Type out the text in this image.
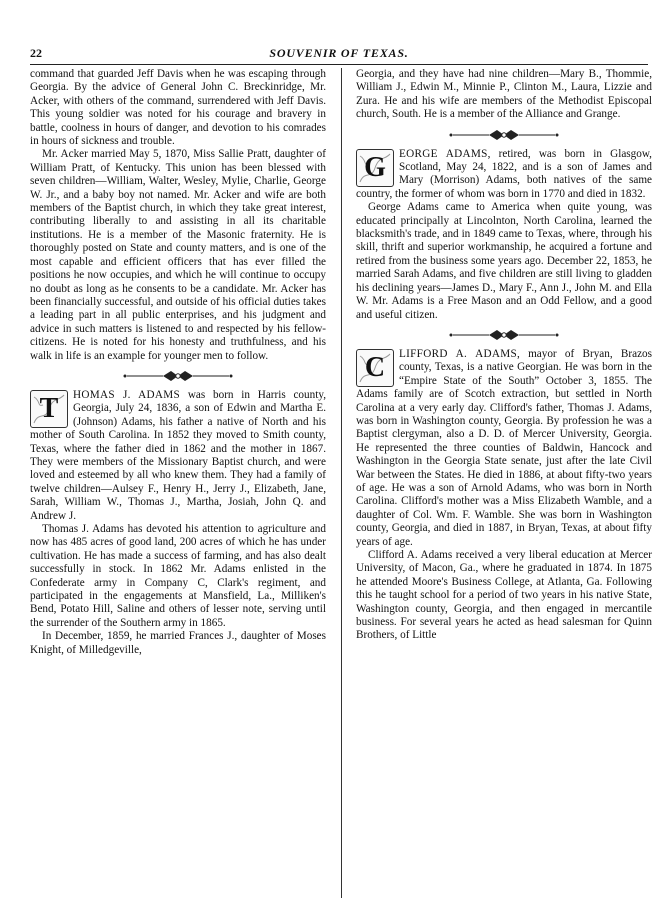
22	SOUVENIR OF TEXAS.

command that guarded Jeff Davis when he was escaping through Georgia. By the advice of General John C. Breckinridge, Mr. Acker, with others of the command, surrendered with Jeff Davis. This young soldier was noted for his courage and bravery in battle, coolness in hours of danger, and devotion to his comrades in hours of sickness and trouble.

Mr. Acker married May 5, 1870, Miss Sallie Pratt, daughter of William Pratt, of Kentucky. This union has been blessed with seven children—William, Walter, Wesley, Mylie, Charlie, George W. Jr., and a baby boy not named. Mr. Acker and wife are both members of the Baptist church, in which they take great interest, contributing liberally to and assisting in all its charitable institutions. He is a member of the Masonic fraternity. He is thoroughly posted on State and county matters, and is one of the most capable and efficient officers that has ever filled the positions he now occupies, and which he will continue to occupy no doubt as long as he consents to be a candidate. Mr. Acker has been financially successful, and outside of his official duties takes a leading part in all public enterprises, and his judgment and advice in such matters is listened to and respected by his fellow-citizens. He is noted for his honesty and truthfulness, and his walk in life is an example for younger men to follow.

T	HOMAS J. ADAMS was born in Harris county, Georgia, July 24, 1836, a son of Edwin and Martha E. (Johnson) Adams, his father a native of North and his mother of South Carolina. In 1852 they moved to Smith county, Texas, where the father died in 1862 and the mother in 1867. They were members of the Missionary Baptist church, and were loved and esteemed by all who knew them. They had a family of twelve children—Aulsey F., Henry H., Jerry J., Elizabeth, Jane, Sarah, William W., Thomas J., Martha, Josiah, John Q. and Andrew J.

Thomas J. Adams has devoted his attention to agriculture and now has 485 acres of good land, 200 acres of which he has under cultivation. He has made a success of farming, and has also dealt successfully in stock. In 1862 Mr. Adams enlisted in the Confederate army in Company C, Clark's regiment, and participated in the engagements at Mansfield, La., Milliken's Bend, Potato Hill, Saline and others of lesser note, serving until the surrender of the Southern army in 1865.

In December, 1859, he married Frances J., daughter of Moses Knight, of Milledgeville,

Georgia, and they have had nine children—Mary B., Thommie, William J., Edwin M., Minnie P., Clinton M., Laura, Lizzie and Zura. He and his wife are members of the Methodist Episcopal church, South. He is a member of the Alliance and Grange.

G	EORGE ADAMS, retired, was born in Glasgow, Scotland, May 24, 1822, and is a son of James and Mary (Morrison) Adams, both natives of the same country, the former of whom was born in 1770 and died in 1832.

George Adams came to America when quite young, was educated principally at Lincolnton, North Carolina, learned the blacksmith's trade, and in 1849 came to Texas, where, through his skill, thrift and superior workmanship, he acquired a fortune and retired from the business some years ago. December 22, 1853, he married Sarah Adams, and five children are still living to gladden his declining years—James D., Mary F., Ann J., John M. and Ella W. Mr. Adams is a Free Mason and an Odd Fellow, and a good and useful citizen.

C	LIFFORD A. ADAMS, mayor of Bryan, Brazos county, Texas, is a native Georgian. He was born in the “Empire State of the South” October 3, 1855. The Adams family are of Scotch extraction, but settled in North Carolina at a very early day. Clifford's father, Thomas J. Adams, was born in Washington county, Georgia. By profession he was a Baptist clergyman, also a D. D. of Mercer University, Georgia. He represented the three counties of Baldwin, Hancock and Washington in the Georgia State senate, just after the late Civil War between the States. He died in 1886, at about fifty-two years of age. He was a son of Arnold Adams, who was born in North Carolina. Clifford's mother was a Miss Elizabeth Wamble, and a daughter of Col. Wm. F. Wamble. She was born in Washington county, Georgia, and died in 1887, in Bryan, Texas, at about fifty years of age.

Clifford A. Adams received a very liberal education at Mercer University, of Macon, Ga., where he graduated in 1874. In 1875 he attended Moore's Business College, at Atlanta, Ga. Following this he taught school for a period of two years in his native State, Washington county, Georgia, and then engaged in mercantile business. For several years he acted as head salesman for Quinn Brothers, of Little
